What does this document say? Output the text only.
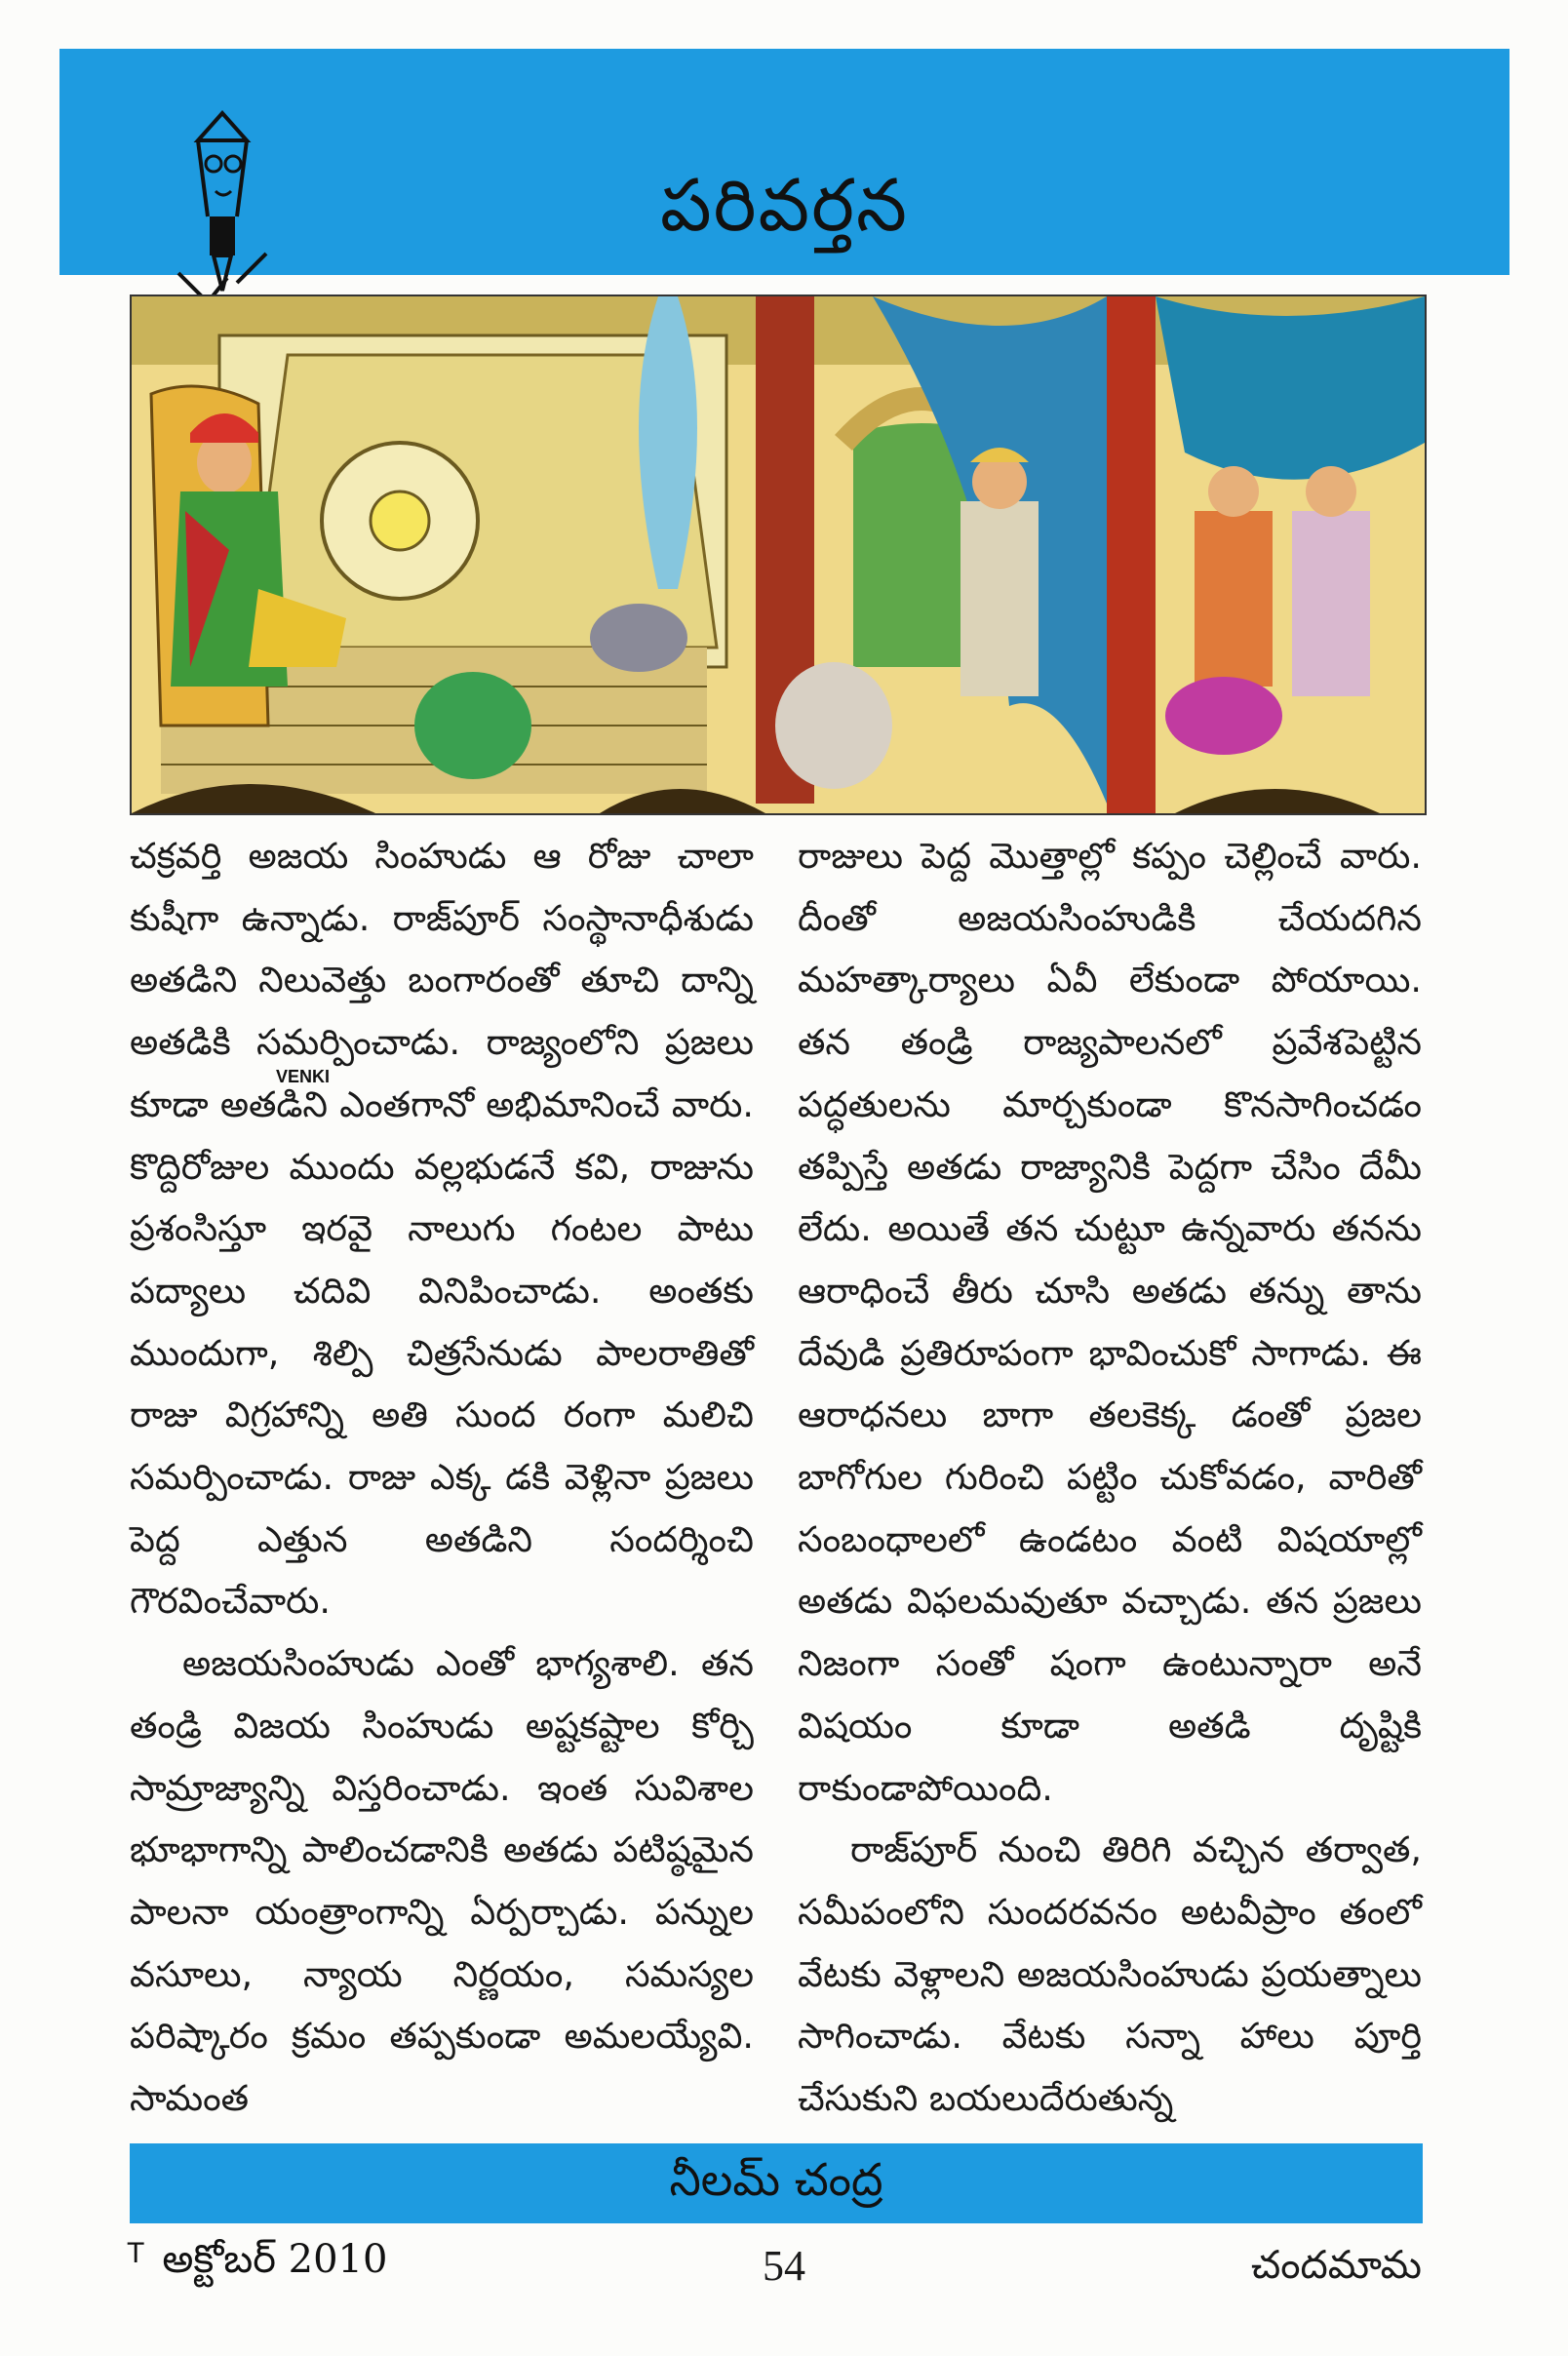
పరివర్తన
VENKI

చక్రవర్తి అజయ సింహుడు ఆ రోజు చాలా కుషీగా ఉన్నాడు. రాజ్‌పూర్ సంస్థానాధీశుడు అతడిని నిలువెత్తు బంగారంతో తూచి దాన్ని అతడికి సమర్పించాడు. రాజ్యంలోని ప్రజలు కూడా అతడిని ఎంతగానో అభిమానించే వారు. కొద్దిరోజుల ముందు వల్లభుడనే కవి, రాజును ప్రశంసిస్తూ ఇరవై నాలుగు గంటల పాటు పద్యాలు చదివి వినిపించాడు. అంతకు ముందుగా, శిల్పి చిత్రసేనుడు పాలరాతితో రాజు విగ్రహాన్ని అతి సుంద రంగా మలిచి సమర్పించాడు. రాజు ఎక్క డకి వెళ్లినా ప్రజలు పెద్ద ఎత్తున అతడిని సందర్శించి గౌరవించేవారు.

అజయసింహుడు ఎంతో భాగ్యశాలి. తన తండ్రి విజయ సింహుడు అష్టకష్టాల కోర్చి సామ్రాజ్యాన్ని విస్తరించాడు. ఇంత సువిశాల భూభాగాన్ని పాలించడానికి అతడు పటిష్ఠమైన పాలనా యంత్రాంగాన్ని ఏర్పర్చాడు. పన్నుల వసూలు, న్యాయ నిర్ణయం, సమస్యల పరిష్కారం క్రమం తప్పకుండా అమలయ్యేవి. సామంత

రాజులు పెద్ద మొత్తాల్లో కప్పం చెల్లించే వారు. దీంతో అజయసింహుడికి చేయదగిన మహత్కార్యాలు ఏవీ లేకుండా పోయాయి. తన తండ్రి రాజ్యపాలనలో ప్రవేశపెట్టిన పద్ధతులను మార్చకుండా కొనసాగించడం తప్పిస్తే అతడు రాజ్యానికి పెద్దగా చేసిం దేమీ లేదు. అయితే తన చుట్టూ ఉన్నవారు తనను ఆరాధించే తీరు చూసి అతడు తన్ను తాను దేవుడి ప్రతిరూపంగా భావించుకో సాగాడు. ఈ ఆరాధనలు బాగా తలకెక్క డంతో ప్రజల బాగోగుల గురించి పట్టిం చుకోవడం, వారితో సంబంధాలలో ఉండటం వంటి విషయాల్లో అతడు విఫలమవుతూ వచ్చాడు. తన ప్రజలు నిజంగా సంతో షంగా ఉంటున్నారా అనే విషయం కూడా అతడి దృష్టికి రాకుండాపోయింది.

రాజ్‌పూర్ నుంచి తిరిగి వచ్చిన తర్వాత, సమీపంలోని సుందరవనం అటవీప్రాం తంలో వేటకు వెళ్లాలని అజయసింహుడు ప్రయత్నాలు సాగించాడు. వేటకు సన్నా హాలు పూర్తి చేసుకుని బయలుదేరుతున్న

నీలమ్ చంద్ర
$^T$ అక్టోబర్ 2010	54	చందమామ
